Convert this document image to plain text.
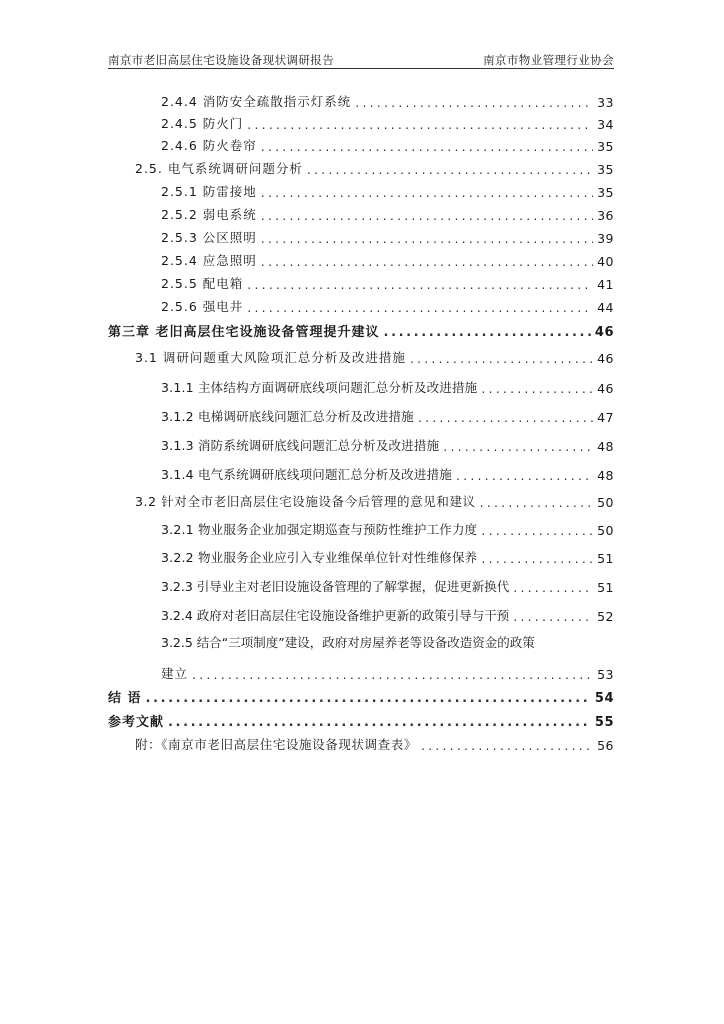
南京市老旧高层住宅设施设备现状调研报告	南京市物业管理行业协会
2.4.4 消防安全疏散指示灯系统 .....	33
2.4.5 防火门 .....	34
2.4.6 防火卷帘 .....	35
2.5. 电气系统调研问题分析 .....	35
2.5.1 防雷接地 .....	35
2.5.2 弱电系统 .....	36
2.5.3 公区照明 .....	39
2.5.4 应急照明 .....	40
2.5.5 配电箱 .....	41
2.5.6 强电井 .....	44
第三章 老旧高层住宅设施设备管理提升建议 .....	46
3.1 调研问题重大风险项汇总分析及改进措施 .....	46
3.1.1 主体结构方面调研底线项问题汇总分析及改进措施 .....	46
3.1.2 电梯调研底线问题汇总分析及改进措施 .....	47
3.1.3 消防系统调研底线问题汇总分析及改进措施 .....	48
3.1.4 电气系统调研底线项问题汇总分析及改进措施 .....	48
3.2 针对全市老旧高层住宅设施设备今后管理的意见和建议 .....	50
3.2.1 物业服务企业加强定期巡查与预防性维护工作力度 .....	50
3.2.2 物业服务企业应引入专业维保单位针对性维修保养 .....	51
3.2.3 引导业主对老旧设施设备管理的了解掌握，促进更新换代 .....	51
3.2.4 政府对老旧高层住宅设施设备维护更新的政策引导与干预 .....	52
3.2.5 结合“三项制度”建设，政府对房屋养老等设备改造资金的政策
建立 .....	53
结 语 .....	54
参考文献 .....	55
附：《南京市老旧高层住宅设施设备现状调查表》 .....	56
